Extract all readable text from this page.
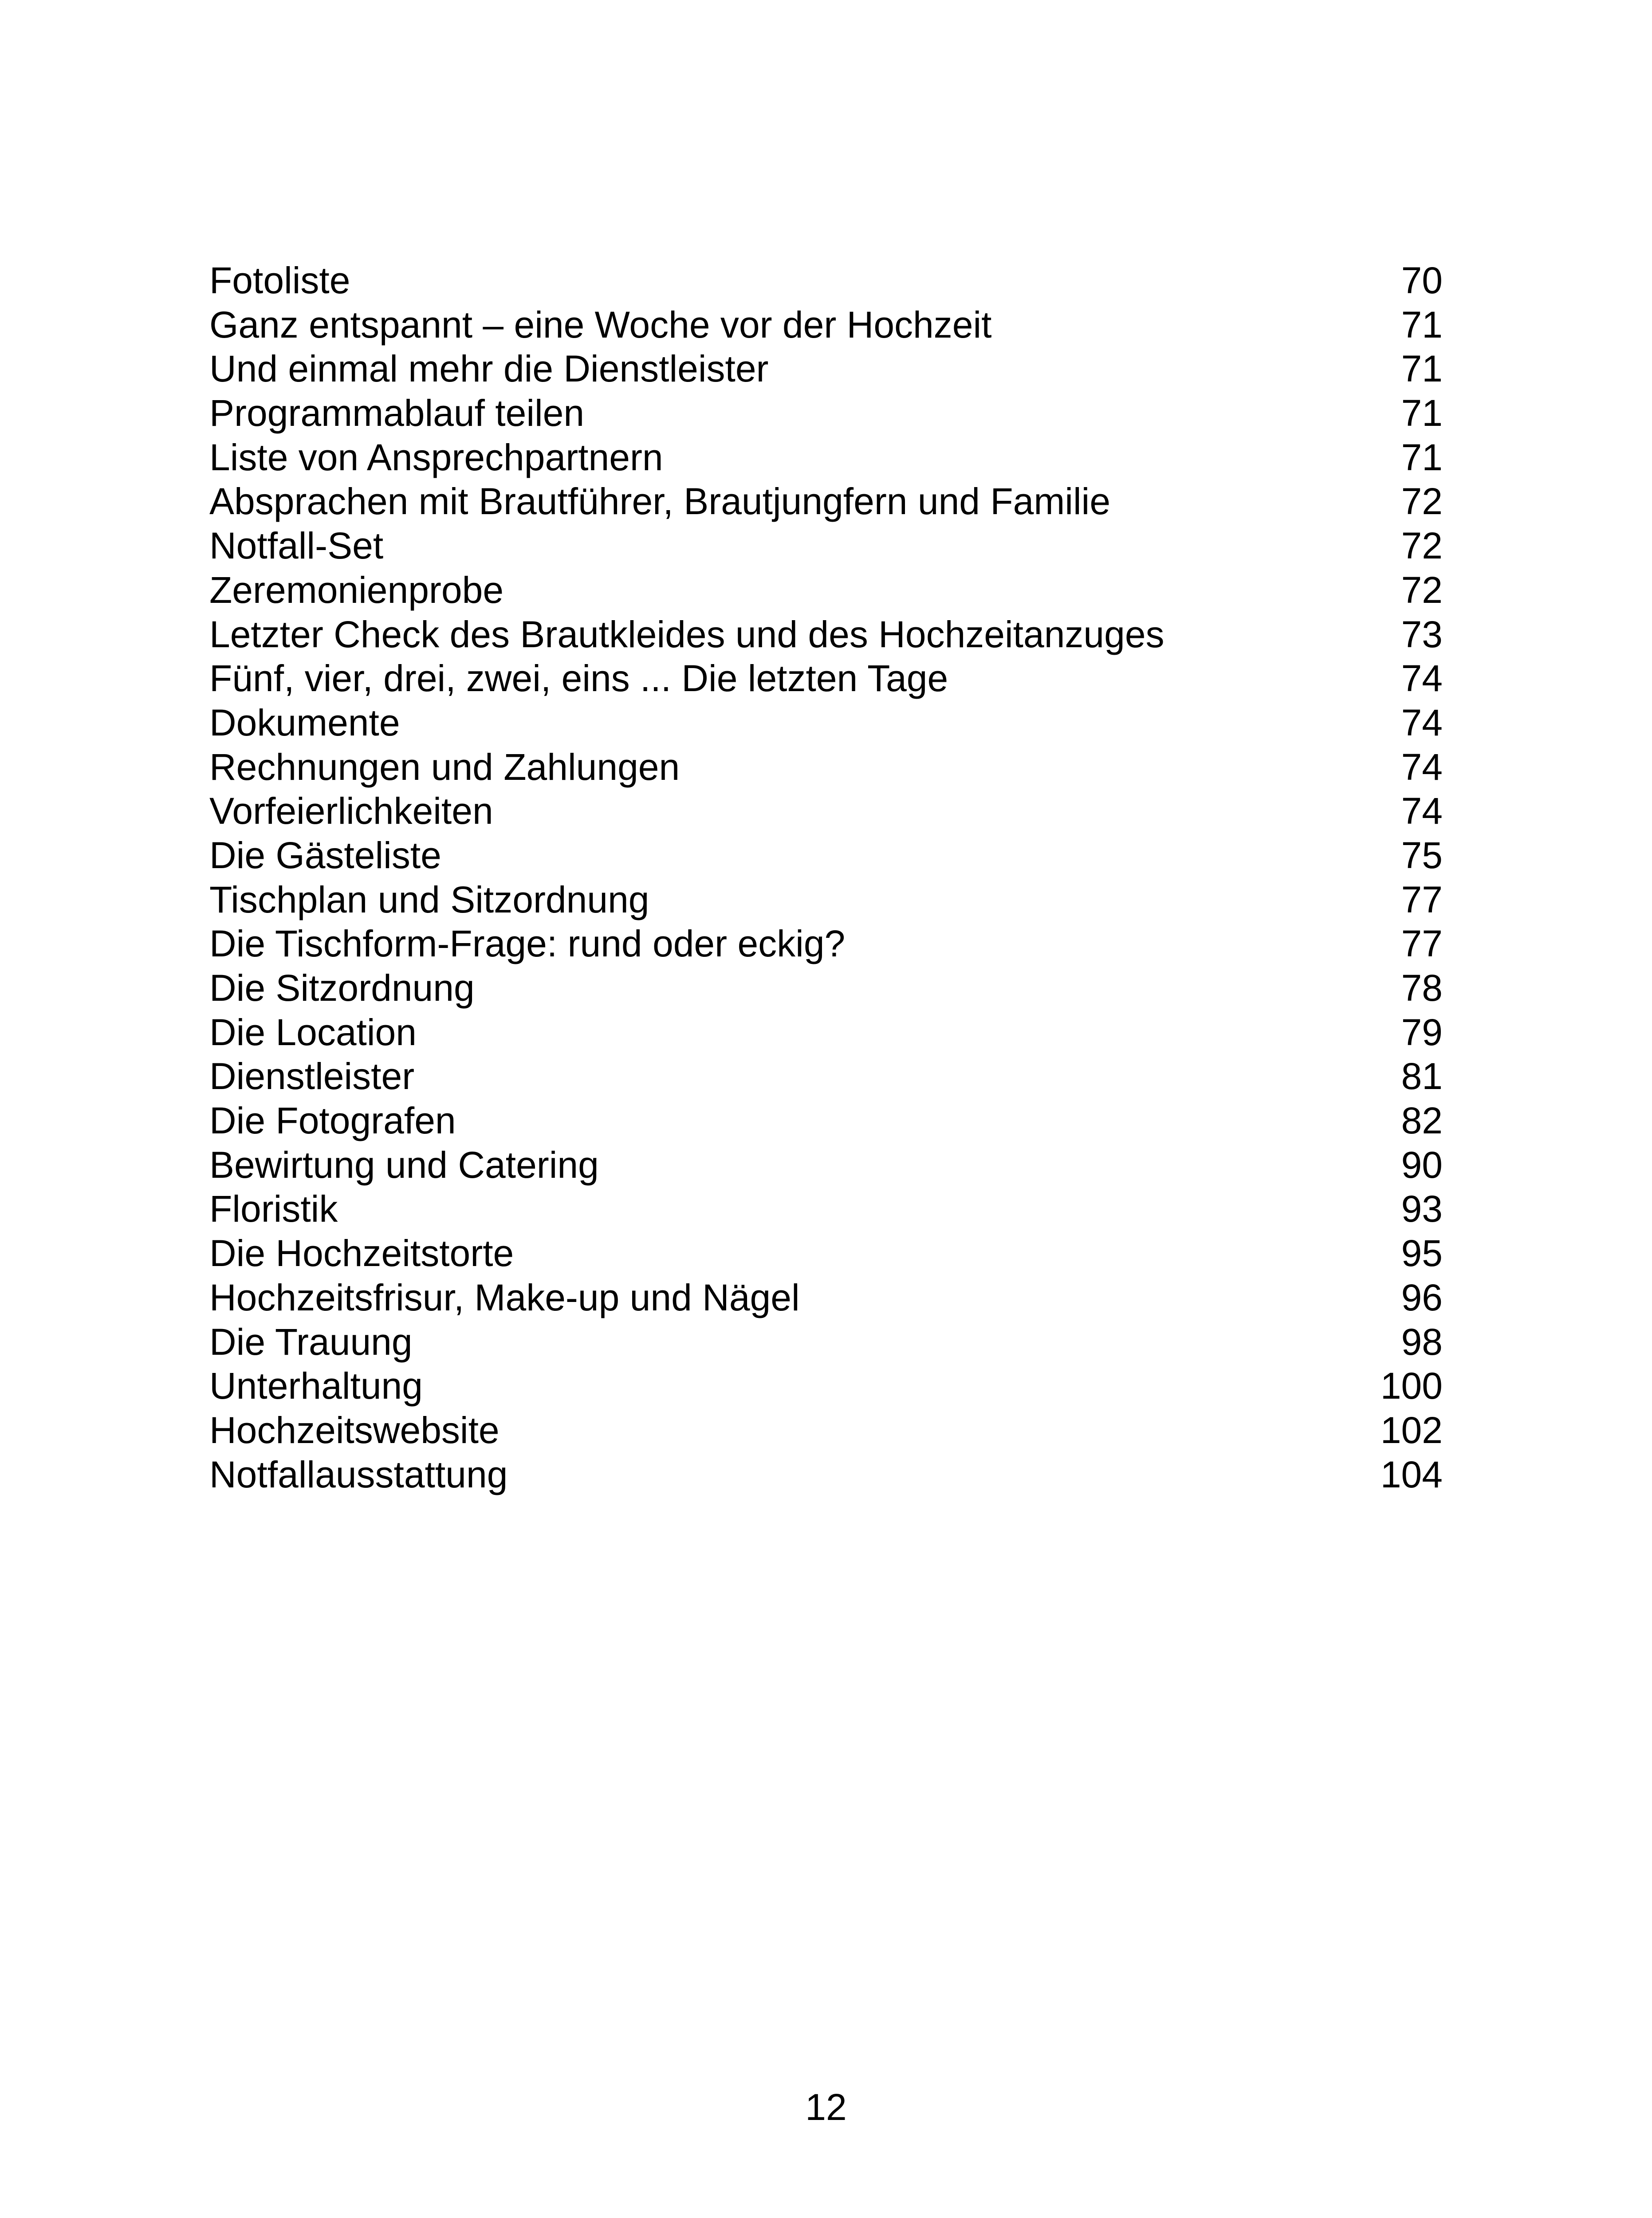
Fotoliste	70
Ganz entspannt – eine Woche vor der Hochzeit	71
Und einmal mehr die Dienstleister	71
Programmablauf teilen	71
Liste von Ansprechpartnern	71
Absprachen mit Brautführer, Brautjungfern und Familie	72
Notfall-Set	72
Zeremonienprobe	72
Letzter Check des Brautkleides und des Hochzeitanzuges	73
Fünf, vier, drei, zwei, eins ... Die letzten Tage	74
Dokumente	74
Rechnungen und Zahlungen	74
Vorfeierlichkeiten	74
Die Gästeliste	75
Tischplan und Sitzordnung	77
Die Tischform-Frage: rund oder eckig?	77
Die Sitzordnung	78
Die Location	79
Dienstleister	81
Die Fotografen	82
Bewirtung und Catering	90
Floristik	93
Die Hochzeitstorte	95
Hochzeitsfrisur, Make-up und Nägel	96
Die Trauung	98
Unterhaltung	100
Hochzeitswebsite	102
Notfallausstattung	104
12
